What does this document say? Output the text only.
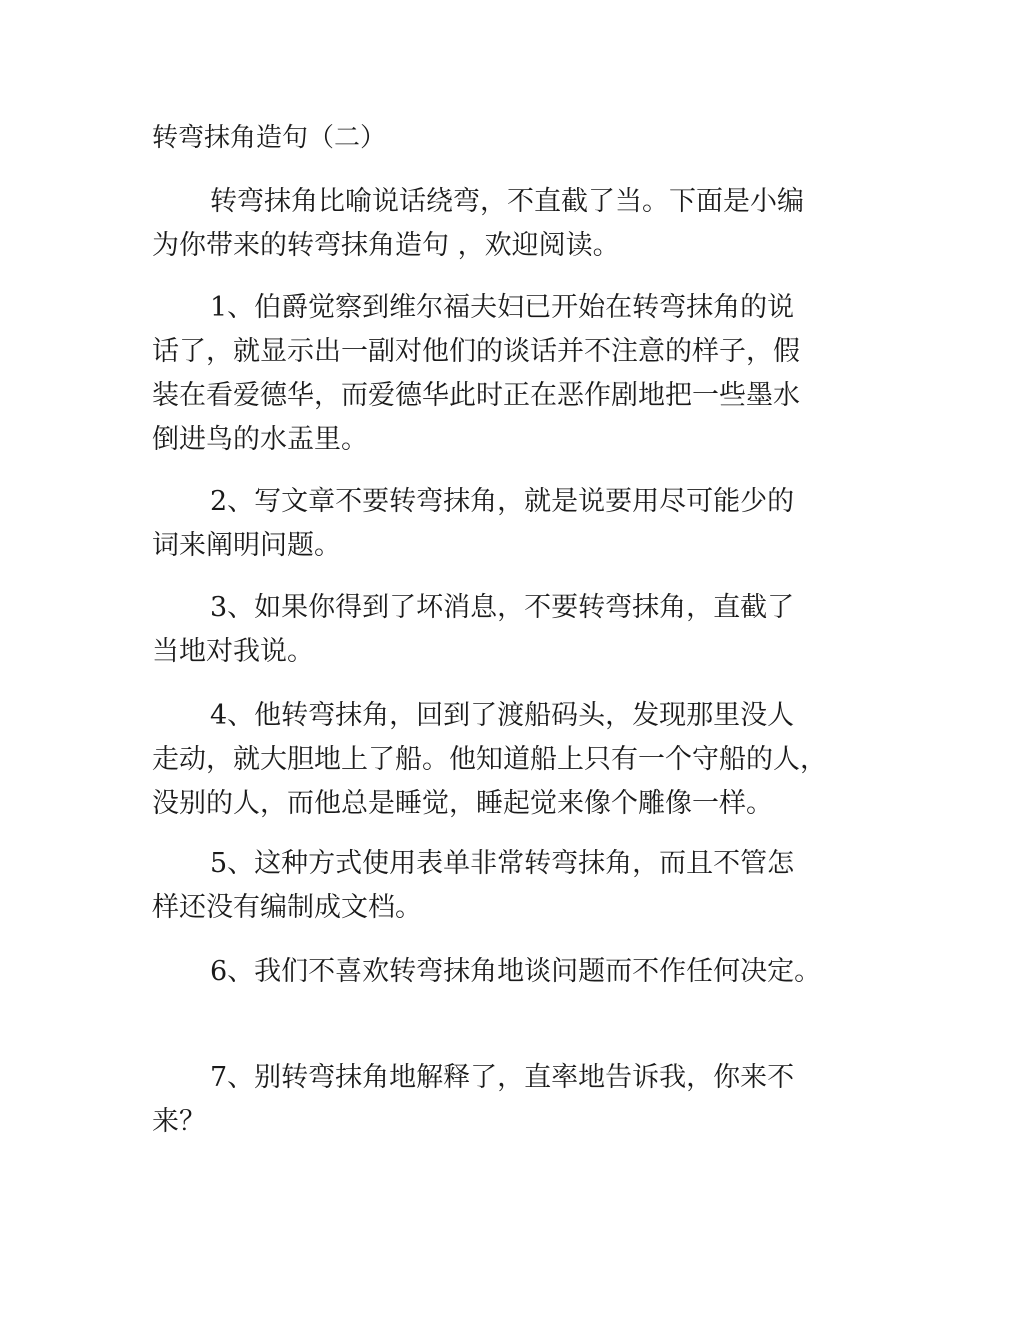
转弯抹角造句（二）

转弯抹角比喻说话绕弯，不直截了当。下面是小编
为你带来的转弯抹角造句 ，欢迎阅读。

1、伯爵觉察到维尔福夫妇已开始在转弯抹角的说
话了，就显示出一副对他们的谈话并不注意的样子，假
装在看爱德华，而爱德华此时正在恶作剧地把一些墨水
倒进鸟的水盂里。

2、写文章不要转弯抹角，就是说要用尽可能少的
词来阐明问题。

3、如果你得到了坏消息，不要转弯抹角，直截了
当地对我说。

4、他转弯抹角，回到了渡船码头，发现那里没人
走动，就大胆地上了船。他知道船上只有一个守船的人，
没别的人，而他总是睡觉，睡起觉来像个雕像一样。

5、这种方式使用表单非常转弯抹角，而且不管怎
样还没有编制成文档。

6、我们不喜欢转弯抹角地谈问题而不作任何决定。

7、别转弯抹角地解释了，直率地告诉我，你来不
来？
